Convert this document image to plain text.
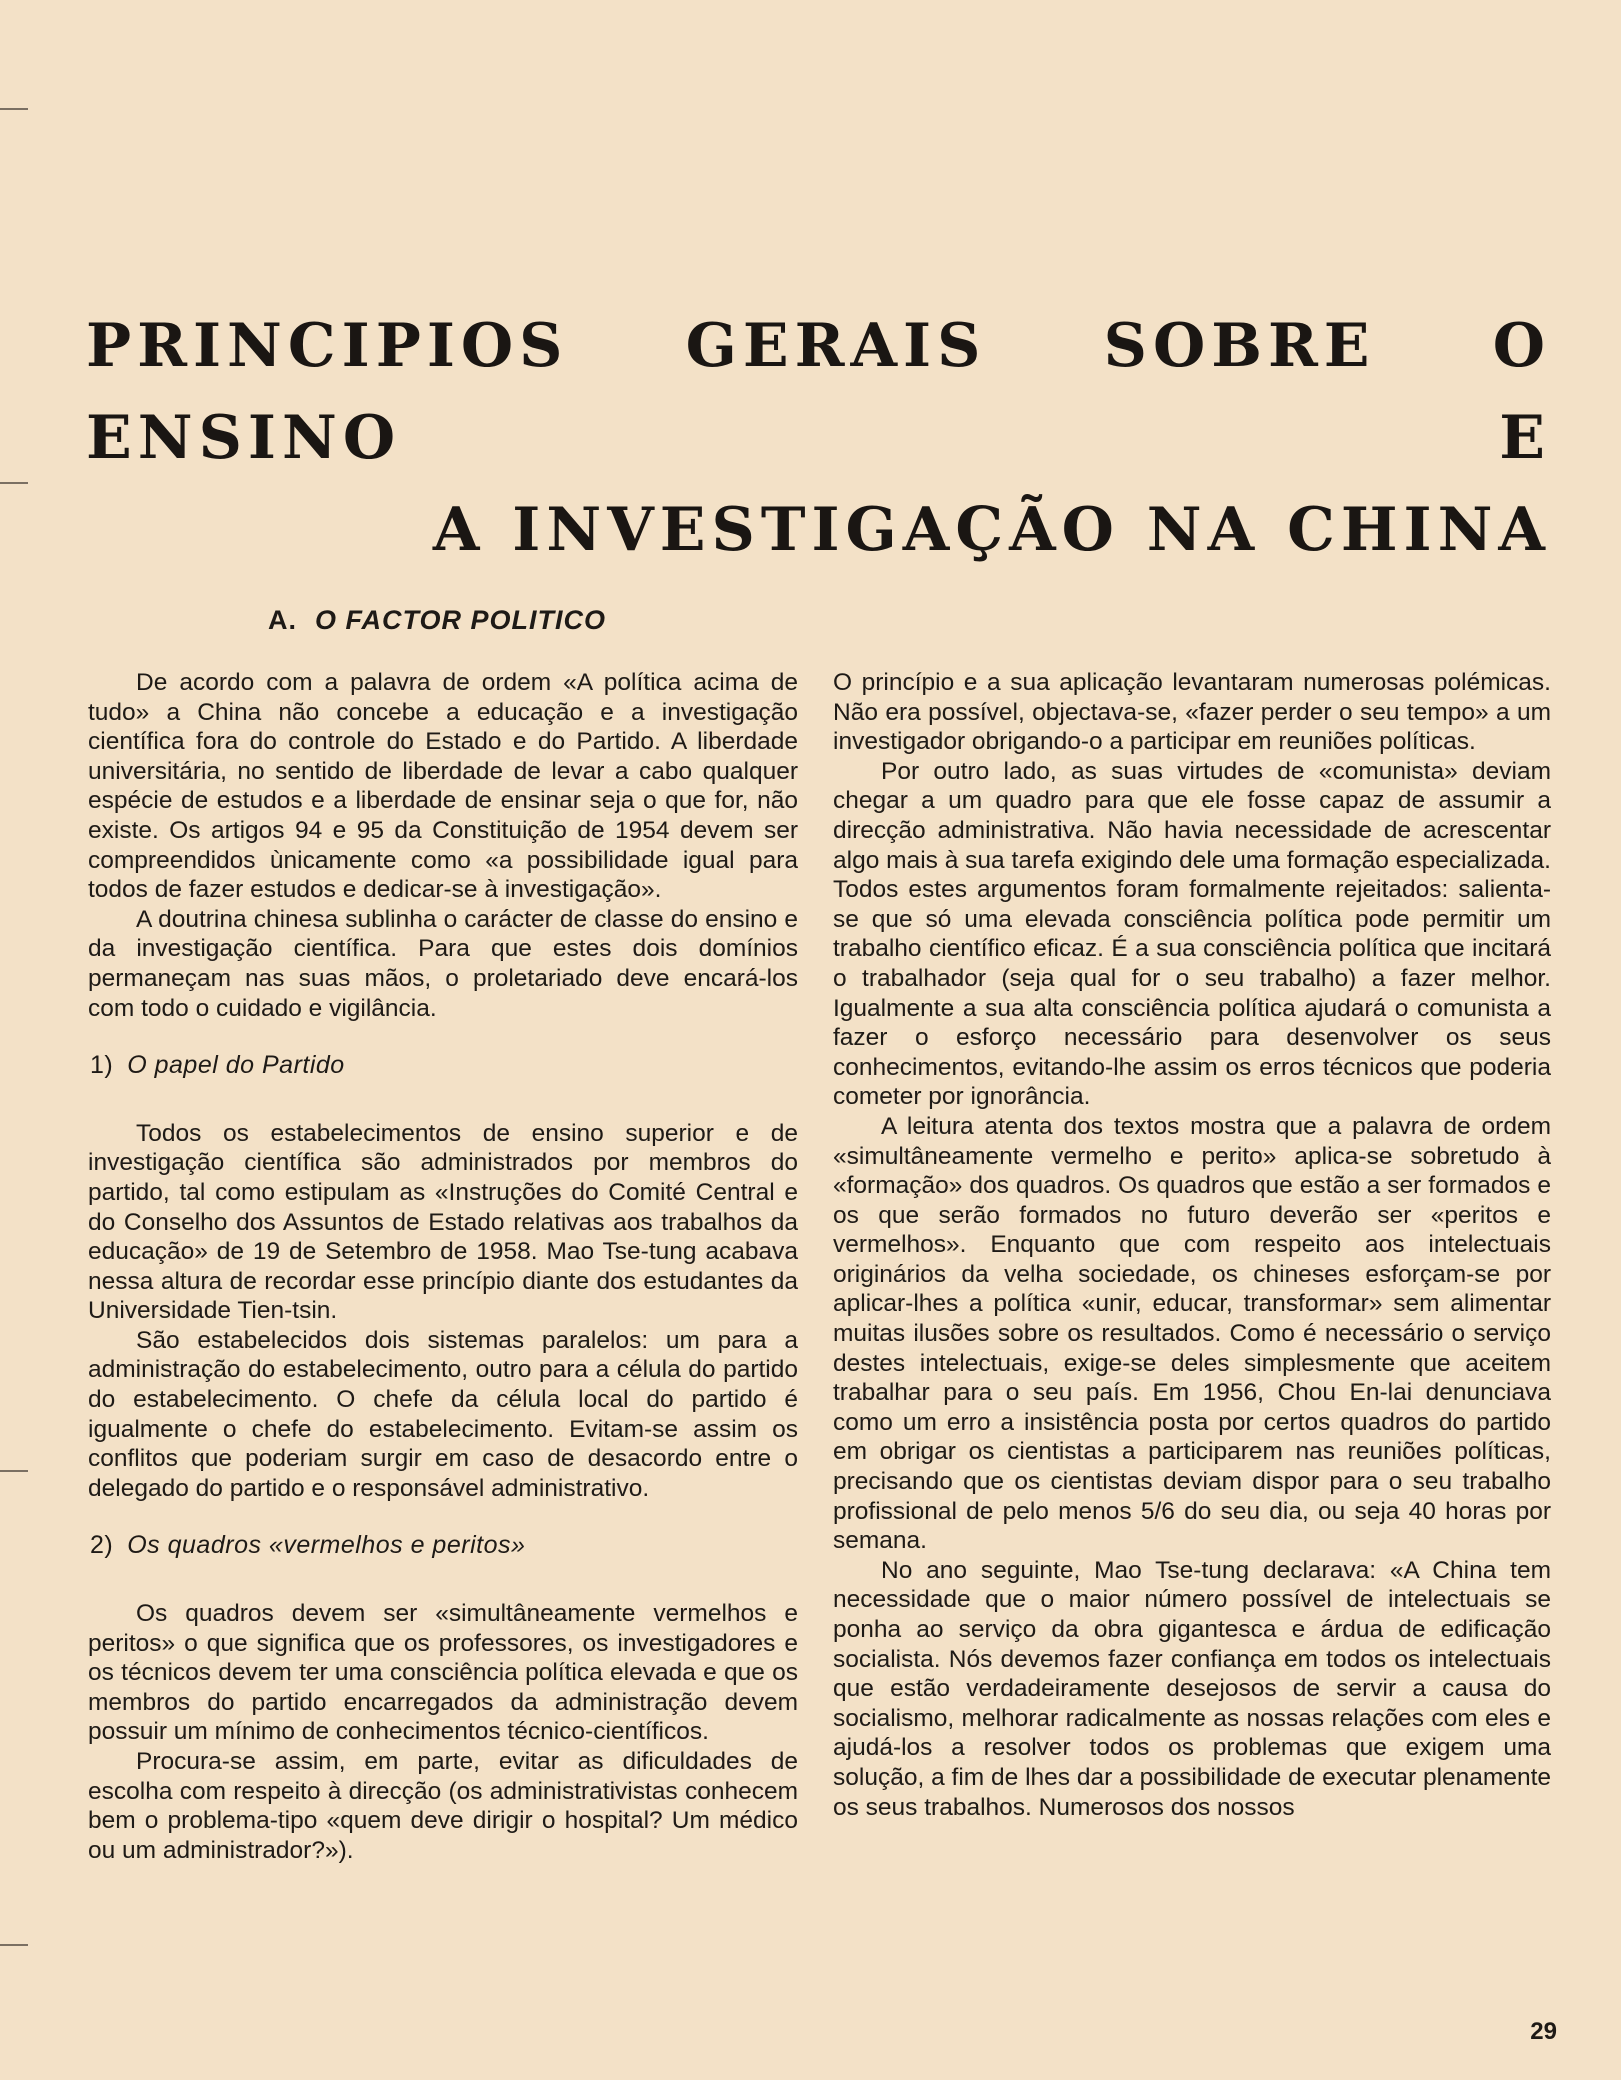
PRINCIPIOS GERAIS SOBRE O ENSINO E
A INVESTIGAÇÃO NA CHINA
A. O FACTOR POLITICO

De acordo com a palavra de ordem «A política acima de tudo» a China não concebe a educação e a investigação científica fora do controle do Estado e do Partido. A liberdade universitária, no sentido de liberdade de levar a cabo qualquer espécie de estudos e a liberdade de ensinar seja o que for, não existe. Os artigos 94 e 95 da Constituição de 1954 devem ser compreendidos ùnicamente como «a possibilidade igual para todos de fazer estudos e dedicar-se à investigação».

A doutrina chinesa sublinha o carácter de classe do ensino e da investigação científica. Para que estes dois domínios permaneçam nas suas mãos, o proletariado deve encará-los com todo o cuidado e vigilância.

1) O papel do Partido

Todos os estabelecimentos de ensino superior e de investigação científica são administrados por membros do partido, tal como estipulam as «Instruções do Comité Central e do Conselho dos Assuntos de Estado relativas aos trabalhos da educação» de 19 de Setembro de 1958. Mao Tse-tung acabava nessa altura de recordar esse princípio diante dos estudantes da Universidade Tien-tsin.

São estabelecidos dois sistemas paralelos: um para a administração do estabelecimento, outro para a célula do partido do estabelecimento. O chefe da célula local do partido é igualmente o chefe do estabelecimento. Evitam-se assim os conflitos que poderiam surgir em caso de desacordo entre o delegado do partido e o responsável administrativo.

2) Os quadros «vermelhos e peritos»

Os quadros devem ser «simultâneamente vermelhos e peritos» o que significa que os professores, os investigadores e os técnicos devem ter uma consciência política elevada e que os membros do partido encarregados da administração devem possuir um mínimo de conhecimentos técnico-científicos.

Procura-se assim, em parte, evitar as dificuldades de escolha com respeito à direcção (os administrativistas conhecem bem o problema-tipo «quem deve dirigir o hospital? Um médico ou um administrador?»).

O princípio e a sua aplicação levantaram numerosas polémicas. Não era possível, objectava-se, «fazer perder o seu tempo» a um investigador obrigando-o a participar em reuniões políticas.

Por outro lado, as suas virtudes de «comunista» deviam chegar a um quadro para que ele fosse capaz de assumir a direcção administrativa. Não havia necessidade de acrescentar algo mais à sua tarefa exigindo dele uma formação especializada. Todos estes argumentos foram formalmente rejeitados: salienta-se que só uma elevada consciência política pode permitir um trabalho científico eficaz. É a sua consciência política que incitará o trabalhador (seja qual for o seu trabalho) a fazer melhor. Igualmente a sua alta consciência política ajudará o comunista a fazer o esforço necessário para desenvolver os seus conhecimentos, evitando-lhe assim os erros técnicos que poderia cometer por ignorância.

A leitura atenta dos textos mostra que a palavra de ordem «simultâneamente vermelho e perito» aplica-se sobretudo à «formação» dos quadros. Os quadros que estão a ser formados e os que serão formados no futuro deverão ser «peritos e vermelhos». Enquanto que com respeito aos intelectuais originários da velha sociedade, os chineses esforçam-se por aplicar-lhes a política «unir, educar, transformar» sem alimentar muitas ilusões sobre os resultados. Como é necessário o serviço destes intelectuais, exige-se deles simplesmente que aceitem trabalhar para o seu país. Em 1956, Chou En-lai denunciava como um erro a insistência posta por certos quadros do partido em obrigar os cientistas a participarem nas reuniões políticas, precisando que os cientistas deviam dispor para o seu trabalho profissional de pelo menos 5/6 do seu dia, ou seja 40 horas por semana.

No ano seguinte, Mao Tse-tung declarava: «A China tem necessidade que o maior número possível de intelectuais se ponha ao serviço da obra gigantesca e árdua de edificação socialista. Nós devemos fazer confiança em todos os intelectuais que estão verdadeiramente desejosos de servir a causa do socialismo, melhorar radicalmente as nossas relações com eles e ajudá-los a resolver todos os problemas que exigem uma solução, a fim de lhes dar a possibilidade de executar plenamente os seus trabalhos. Numerosos dos nossos

29
